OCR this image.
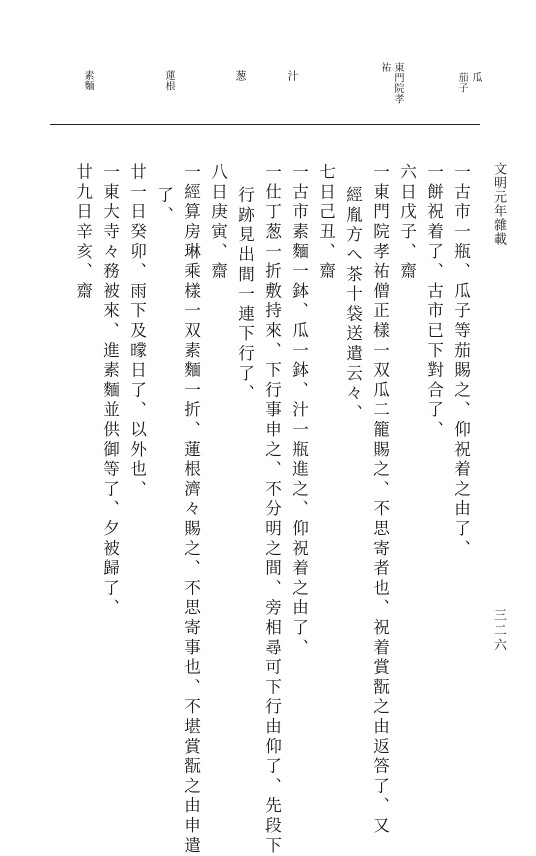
文明元年雜載
三二六
瓜
茄子
東門院孝
祐
汁
葱
蓮根
素麵
一古市一瓶、瓜子等茄賜之、仰祝着之由了、
一餅祝着了、古市已下對合了、
六日戊子、齋
一東門院孝祐僧正樣一双瓜二籠賜之、不思寄者也、祝着賞翫之由返答了、又
經胤方へ茶十袋送遣云々、
七日己丑、齋
一古市素麵一鉢、瓜一鉢、汁一瓶進之、仰祝着之由了、
一仕丁葱一折敷持來、下行事申之、不分明之間、旁相尋可下行由仰了、先段下
行跡見出間一連下行了、
八日庚寅、齋
一經算房琳乘樣一双素麵一折、蓮根濟々賜之、不思寄事也、不堪賞翫之由申遣
了、
廿一日癸卯、雨下及𣋡日了、以外也、
一東大寺々務被來、進素麵並供御等了、夕被歸了、
廿九日辛亥、齋
